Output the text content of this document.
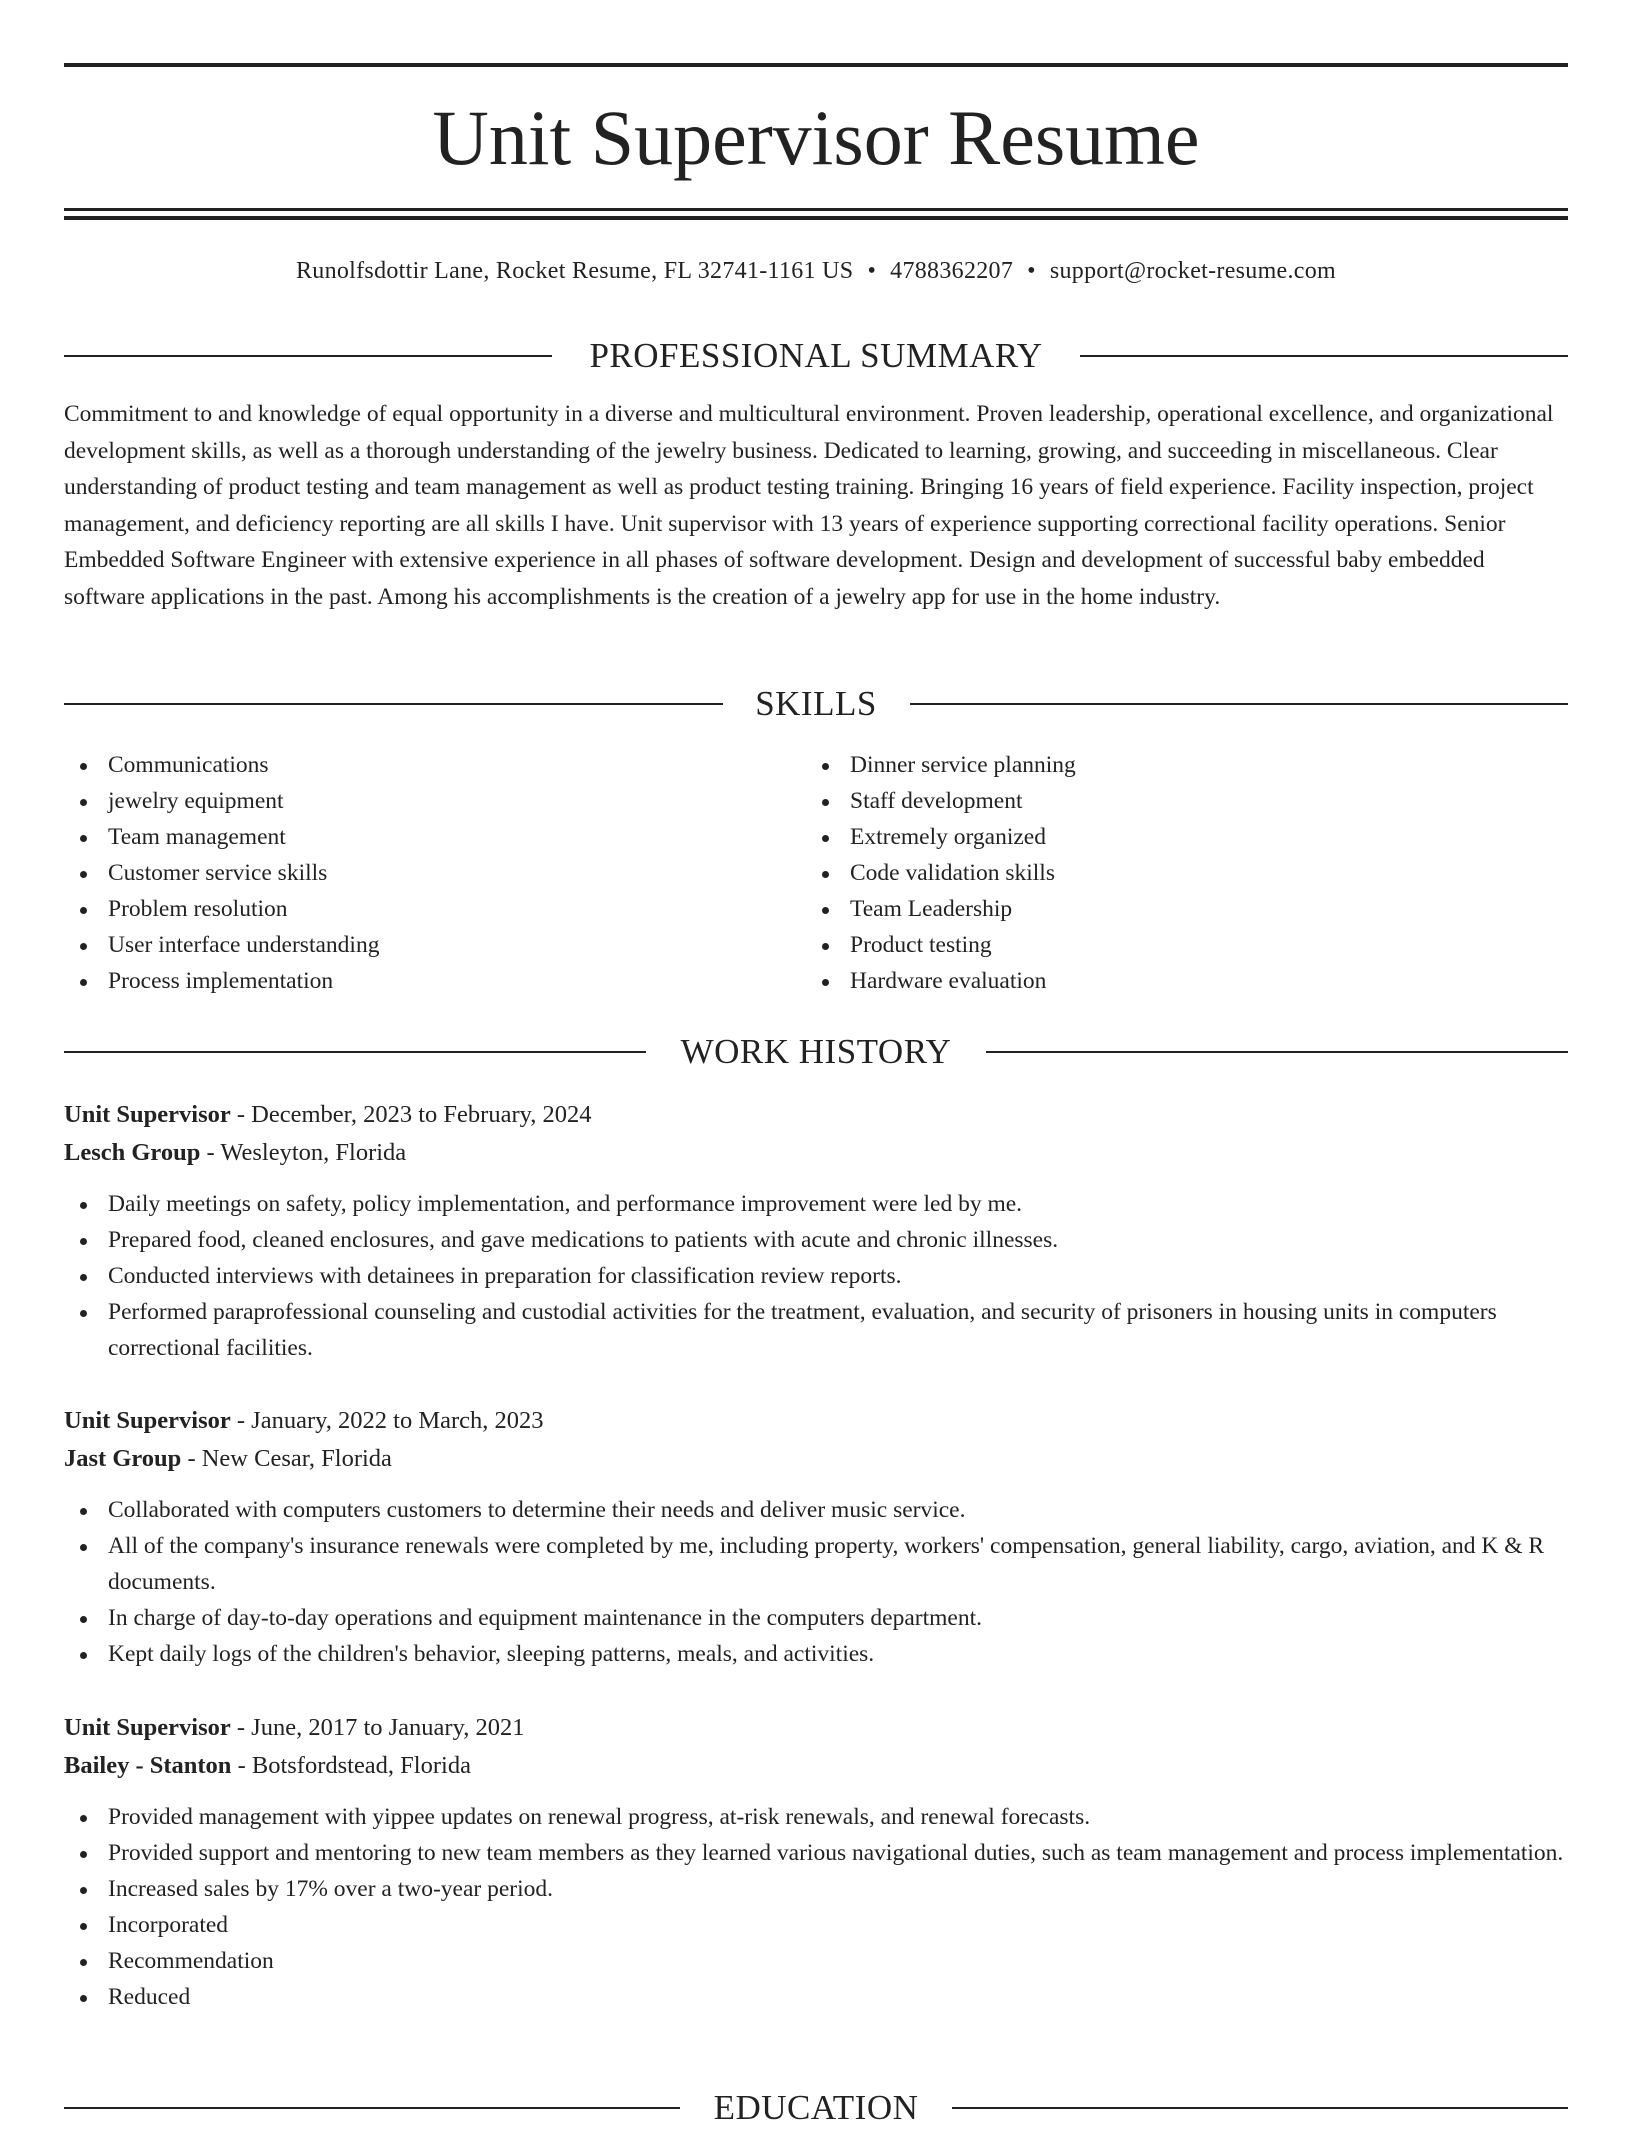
Unit Supervisor Resume
Runolfsdottir Lane, Rocket Resume, FL 32741-1161 US • 4788362207 • support@rocket-resume.com
PROFESSIONAL SUMMARY

Commitment to and knowledge of equal opportunity in a diverse and multicultural environment. Proven leadership, operational excellence, and organizational development skills, as well as a thorough understanding of the jewelry business. Dedicated to learning, growing, and succeeding in miscellaneous. Clear understanding of product testing and team management as well as product testing training. Bringing 16 years of field experience. Facility inspection, project management, and deficiency reporting are all skills I have. Unit supervisor with 13 years of experience supporting correctional facility operations. Senior Embedded Software Engineer with extensive experience in all phases of software development. Design and development of successful baby embedded software applications in the past. Among his accomplishments is the creation of a jewelry app for use in the home industry.

SKILLS
Communications
jewelry equipment
Team management
Customer service skills
Problem resolution
User interface understanding
Process implementation
Dinner service planning
Staff development
Extremely organized
Code validation skills
Team Leadership
Product testing
Hardware evaluation
WORK HISTORY
Unit Supervisor - December, 2023 to February, 2024
Lesch Group - Wesleyton, Florida
Daily meetings on safety, policy implementation, and performance improvement were led by me.
Prepared food, cleaned enclosures, and gave medications to patients with acute and chronic illnesses.
Conducted interviews with detainees in preparation for classification review reports.
Performed paraprofessional counseling and custodial activities for the treatment, evaluation, and security of prisoners in housing units in computers correctional facilities.
Unit Supervisor - January, 2022 to March, 2023
Jast Group - New Cesar, Florida
Collaborated with computers customers to determine their needs and deliver music service.
All of the company's insurance renewals were completed by me, including property, workers' compensation, general liability, cargo, aviation, and K & R documents.
In charge of day-to-day operations and equipment maintenance in the computers department.
Kept daily logs of the children's behavior, sleeping patterns, meals, and activities.
Unit Supervisor - June, 2017 to January, 2021
Bailey - Stanton - Botsfordstead, Florida
Provided management with yippee updates on renewal progress, at-risk renewals, and renewal forecasts.
Provided support and mentoring to new team members as they learned various navigational duties, such as team management and process implementation.
Increased sales by 17% over a two-year period.
Incorporated
Recommendation
Reduced
EDUCATION
